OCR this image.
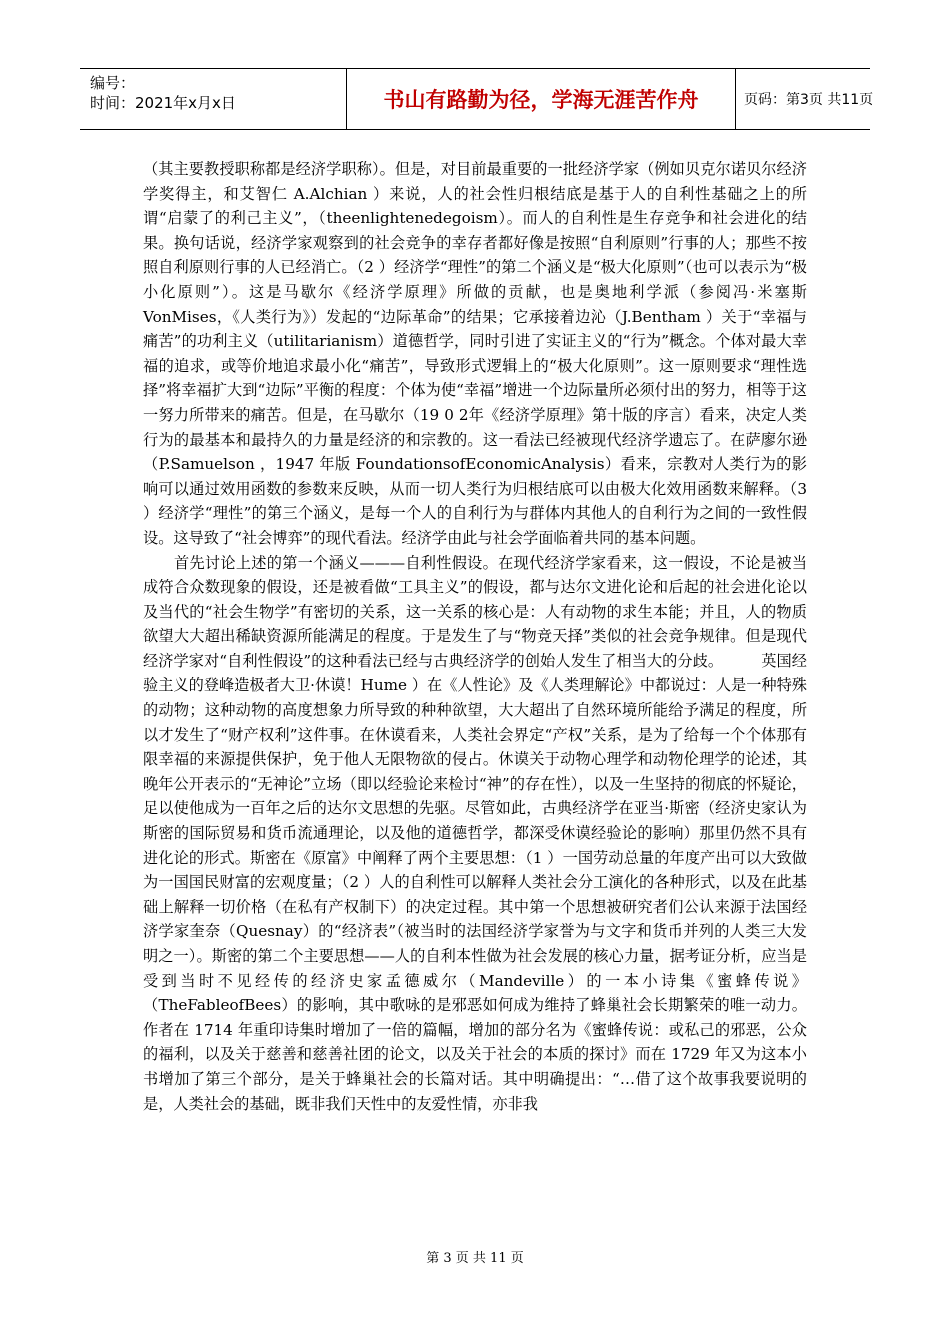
编号：
时间：2021年x月x日	书山有路勤为径，学海无涯苦作舟	页码：第3页 共11页

（其主要教授职称都是经济学职称）。但是，对目前最重要的一批经济学家（例如贝克尔诺贝尔经济学奖得主，和艾智仁 A.Alchian ）来说，人的社会性归根结底是基于人的自利性基础之上的所谓“启蒙了的利己主义”，（theenlightenedegoism）。而人的自利性是生存竞争和社会进化的结果。换句话说，经济学家观察到的社会竞争的幸存者都好像是按照“自利原则”行事的人；那些不按照自利原则行事的人已经消亡。（2 ）经济学“理性”的第二个涵义是“极大化原则”（也可以表示为“极小化原则”）。这是马歇尔《经济学原理》所做的贡献，也是奥地利学派（参阅冯·米塞斯 VonMises，《人类行为》）发起的“边际革命”的结果；它承接着边沁（J.Bentham ）关于“幸福与痛苦”的功利主义（utilitarianism）道德哲学，同时引进了实证主义的“行为”概念。个体对最大幸福的追求，或等价地追求最小化“痛苦”，导致形式逻辑上的“极大化原则”。这一原则要求“理性选择”将幸福扩大到“边际”平衡的程度：个体为使“幸福”增进一个边际量所必须付出的努力，相等于这一努力所带来的痛苦。但是，在马歇尔（19 0 2年《经济学原理》第十版的序言）看来，决定人类行为的最基本和最持久的力量是经济的和宗教的。这一看法已经被现代经济学遗忘了。在萨廖尔逊（P.Samuelson ，1947 年版 FoundationsofEconomicAnalysis）看来，宗教对人类行为的影响可以通过效用函数的参数来反映，从而一切人类行为归根结底可以由极大化效用函数来解释。（3 ）经济学“理性”的第三个涵义，是每一个人的自利行为与群体内其他人的自利行为之间的一致性假设。这导致了“社会博弈”的现代看法。经济学由此与社会学面临着共同的基本问题。

首先讨论上述的第一个涵义———自利性假设。在现代经济学家看来，这一假设，不论是被当成符合众数现象的假设，还是被看做“工具主义”的假设，都与达尔文进化论和后起的社会进化论以及当代的“社会生物学”有密切的关系，这一关系的核心是：人有动物的求生本能；并且，人的物质欲望大大超出稀缺资源所能满足的程度。于是发生了与“物竞天择”类似的社会竞争规律。但是现代经济学家对“自利性假设”的这种看法已经与古典经济学的创始人发生了相当大的分歧。　　　英国经验主义的登峰造极者大卫·休谟！Hume ）在《人性论》及《人类理解论》中都说过：人是一种特殊的动物；这种动物的高度想象力所导致的种种欲望，大大超出了自然环境所能给予满足的程度，所以才发生了“财产权利”这件事。在休谟看来，人类社会界定“产权”关系，是为了给每一个个体那有限幸福的来源提供保护，免于他人无限物欲的侵占。休谟关于动物心理学和动物伦理学的论述，其晚年公开表示的“无神论”立场（即以经验论来检讨“神”的存在性），以及一生坚持的彻底的怀疑论，足以使他成为一百年之后的达尔文思想的先驱。尽管如此，古典经济学在亚当·斯密（经济史家认为斯密的国际贸易和货币流通理论，以及他的道德哲学，都深受休谟经验论的影响）那里仍然不具有进化论的形式。斯密在《原富》中阐释了两个主要思想：（1 ）一国劳动总量的年度产出可以大致做为一国国民财富的宏观度量；（2 ）人的自利性可以解释人类社会分工演化的各种形式，以及在此基础上解释一切价格（在私有产权制下）的决定过程。其中第一个思想被研究者们公认来源于法国经济学家奎奈（Quesnay）的“经济表”（被当时的法国经济学家誉为与文字和货币并列的人类三大发明之一）。斯密的第二个主要思想——人的自利本性做为社会发展的核心力量，据考证分析，应当是受到当时不见经传的经济史家孟德威尔（Mandeville）的一本小诗集《蜜蜂传说》（TheFableofBees）的影响，其中歌咏的是邪恶如何成为维持了蜂巢社会长期繁荣的唯一动力。作者在 1714 年重印诗集时增加了一倍的篇幅，增加的部分名为《蜜蜂传说：或私己的邪恶，公众的福利，以及关于慈善和慈善社团的论文，以及关于社会的本质的探讨》而在 1729 年又为这本小书增加了第三个部分，是关于蜂巢社会的长篇对话。其中明确提出：“…借了这个故事我要说明的是，人类社会的基础，既非我们天性中的友爱性情，亦非我

第 3 页 共 11 页
